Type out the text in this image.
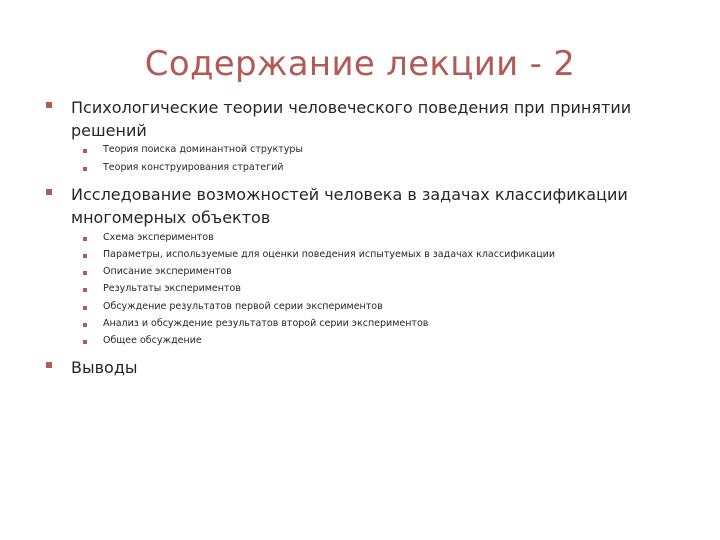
Содержание лекции - 2
Психологические теории человеческого поведения при принятии решений
Теория поиска доминантной структуры
Теория конструирования стратегий
Исследование возможностей человека в задачах классификации многомерных объектов
Схема экспериментов
Параметры, используемые для оценки поведения испытуемых в задачах классификации
Описание экспериментов
Результаты экспериментов
Обсуждение результатов первой серии экспериментов
Анализ и обсуждение результатов второй серии экспериментов
Общее обсуждение
Выводы
